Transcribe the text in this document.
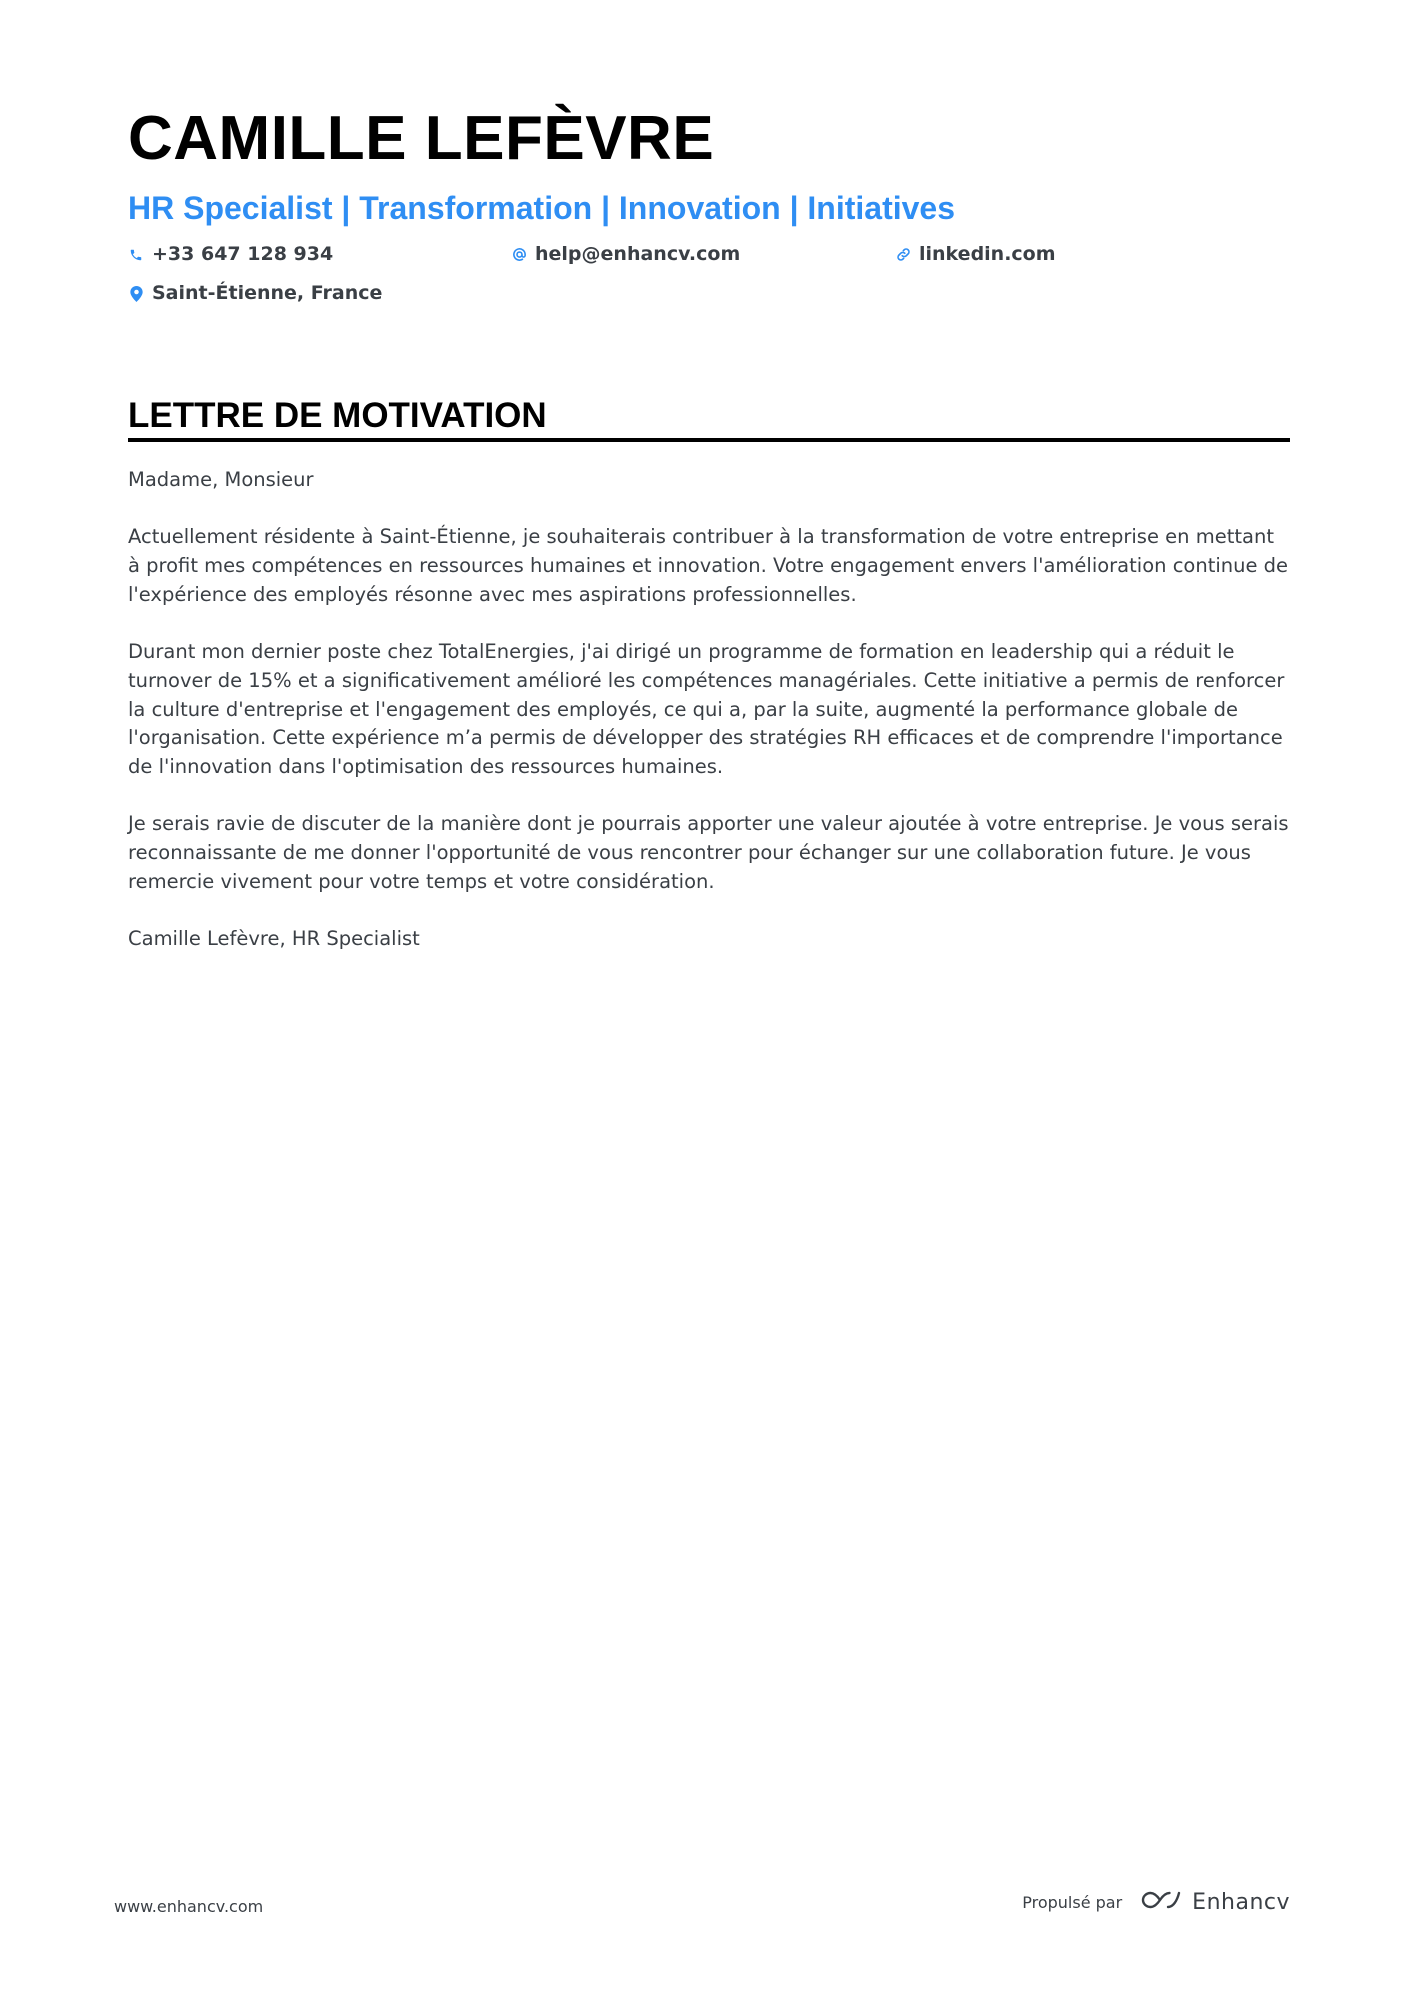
CAMILLE LEFÈVRE
HR Specialist | Transformation | Innovation | Initiatives
+33 647 128 934	help@enhancv.com	linkedin.com
Saint-Étienne, France
LETTRE DE MOTIVATION

Madame, Monsieur

Actuellement résidente à Saint-Étienne, je souhaiterais contribuer à la transformation de votre entreprise en mettant à profit mes compétences en ressources humaines et innovation. Votre engagement envers l'amélioration continue de l'expérience des employés résonne avec mes aspirations professionnelles.

Durant mon dernier poste chez TotalEnergies, j'ai dirigé un programme de formation en leadership qui a réduit le turnover de 15% et a significativement amélioré les compétences managériales. Cette initiative a permis de renforcer la culture d'entreprise et l'engagement des employés, ce qui a, par la suite, augmenté la performance globale de l'organisation. Cette expérience m’a permis de développer des stratégies RH efficaces et de comprendre l'importance de l'innovation dans l'optimisation des ressources humaines.

Je serais ravie de discuter de la manière dont je pourrais apporter une valeur ajoutée à votre entreprise. Je vous serais reconnaissante de me donner l'opportunité de vous rencontrer pour échanger sur une collaboration future. Je vous remercie vivement pour votre temps et votre considération.

Camille Lefèvre, HR Specialist

www.enhancv.com	Propulsé par	Enhancv
